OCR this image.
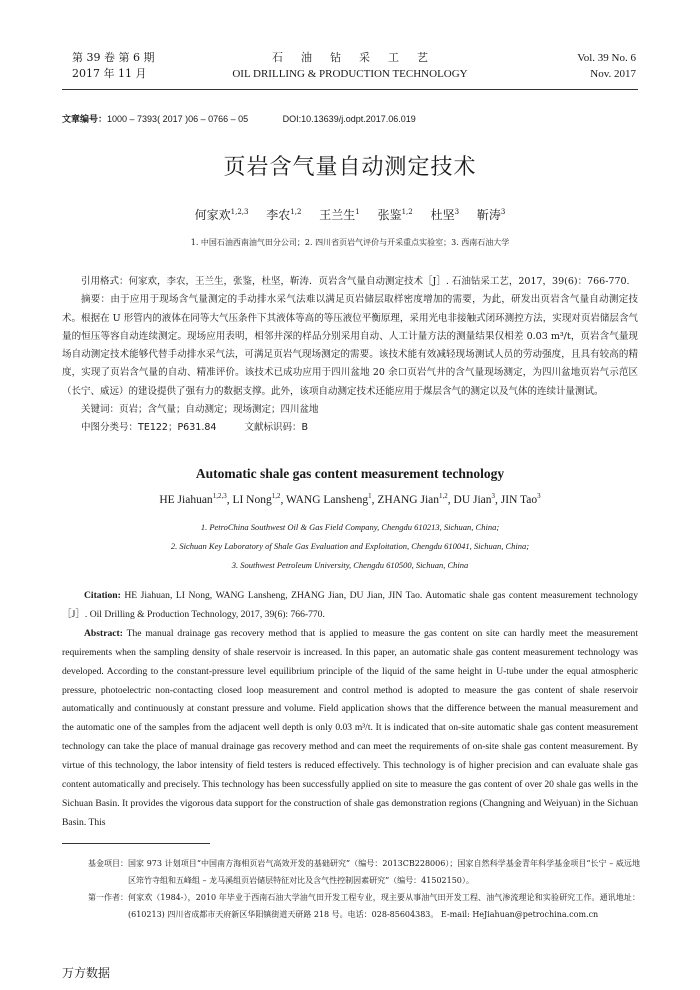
第 39 卷 第 6 期
2017 年 11 月
石油钻采工艺
OIL DRILLING & PRODUCTION TECHNOLOGY
Vol. 39 No. 6
Nov. 2017
文章编号：1000 – 7393( 2017 )06 – 0766 – 05	DOI:10.13639/j.odpt.2017.06.019
页岩含气量自动测定技术
何家欢$^{1,2,3}$ 李农$^{1,2}$ 王兰生$^1$ 张鉴$^{1,2}$ 杜坚$^3$ 靳涛$^3$
1. 中国石油西南油气田分公司；2. 四川省页岩气评价与开采重点实验室；3. 西南石油大学

引用格式：何家欢，李农，王兰生，张鉴，杜坚，靳涛．页岩含气量自动测定技术［J］. 石油钻采工艺，2017，39(6)：766-770.

摘要：由于应用于现场含气量测定的手动排水采气法难以满足页岩储层取样密度增加的需要，为此，研发出页岩含气量自动测定技术。根据在 U 形管内的液体在同等大气压条件下其液体等高的等压液位平衡原理，采用光电非接触式闭环测控方法，实现对页岩储层含气量的恒压等容自动连续测定。现场应用表明，相邻井深的样品分别采用自动、人工计量方法的测量结果仅相差 0.03 m³/t，页岩含气量现场自动测定技术能够代替手动排水采气法，可满足页岩气现场测定的需要。该技术能有效减轻现场测试人员的劳动强度，且具有较高的精度，实现了页岩含气量的自动、精准评价。该技术已成功应用于四川盆地 20 余口页岩气井的含气量现场测定，为四川盆地页岩气示范区（长宁、威远）的建设提供了强有力的数据支撑。此外，该项自动测定技术还能应用于煤层含气的测定以及气体的连续计量测试。

关键词：页岩；含气量；自动测定；现场测定；四川盆地
中图分类号：TE122；P631.84	文献标识码：B
Automatic shale gas content measurement technology
HE Jiahuan$^{1,2,3}$, LI Nong$^{1,2}$, WANG Lansheng$^1$, ZHANG Jian$^{1,2}$, DU Jian$^3$, JIN Tao$^3$
1. PetroChina Southwest Oil & Gas Field Company, Chengdu 610213, Sichuan, China;
2. Sichuan Key Laboratory of Shale Gas Evaluation and Exploitation, Chengdu 610041, Sichuan, China;
3. Southwest Petroleum University, Chengdu 610500, Sichuan, China

Citation: HE Jiahuan, LI Nong, WANG Lansheng, ZHANG Jian, DU Jian, JIN Tao. Automatic shale gas content measurement technology［J］. Oil Drilling & Production Technology, 2017, 39(6): 766-770.

Abstract: The manual drainage gas recovery method that is applied to measure the gas content on site can hardly meet the measurement requirements when the sampling density of shale reservoir is increased. In this paper, an automatic shale gas content measurement technology was developed. According to the constant-pressure level equilibrium principle of the liquid of the same height in U-tube under the equal atmospheric pressure, photoelectric non-contacting closed loop measurement and control method is adopted to measure the gas content of shale reservoir automatically and continuously at constant pressure and volume. Field application shows that the difference between the manual measurement and the automatic one of the samples from the adjacent well depth is only 0.03 m³/t. It is indicated that on-site automatic shale gas content measurement technology can take the place of manual drainage gas recovery method and can meet the requirements of on-site shale gas content measurement. By virtue of this technology, the labor intensity of field testers is reduced effectively. This technology is of higher precision and can evaluate shale gas content automatically and precisely. This technology has been successfully applied on site to measure the gas content of over 20 shale gas wells in the Sichuan Basin. It provides the vigorous data support for the construction of shale gas demonstration regions (Changning and Weiyuan) in the Sichuan Basin. This

基金项目： 国家 973 计划项目“中国南方海相页岩气高效开发的基础研究”（编号：2013CB228006）；国家自然科学基金青年科学基金项目“长宁 – 威远地区筇竹寺组和五峰组 – 龙马溪组页岩储层特征对比及含气性控制因素研究”（编号：41502150）。
第一作者： 何家欢（1984-），2010 年毕业于西南石油大学油气田开发工程专业，现主要从事油气田开发工程、油气渗流理论和实验研究工作。通讯地址：(610213) 四川省成都市天府新区华阳镇街道天研路 218 号。电话：028-85604383。 E-mail: HeJiahuan@petrochina.com.cn
万方数据
